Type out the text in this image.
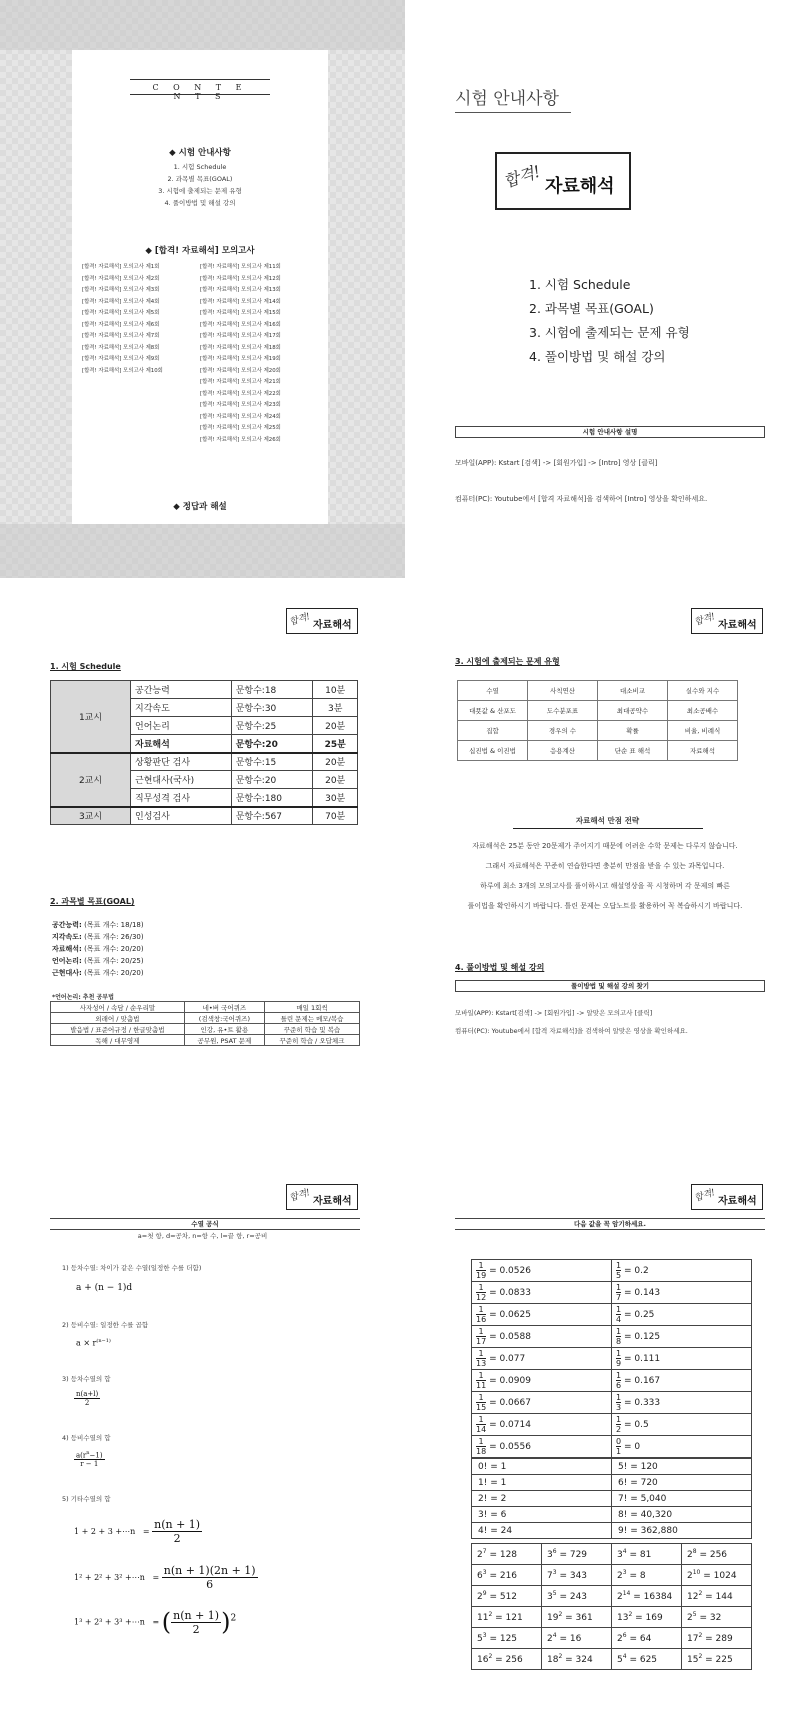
C O N T E N T S
◆ 시험 안내사항
1. 시험 Schedule
2. 과목별 목표(GOAL)
3. 시험에 출제되는 문제 유형
4. 풀이방법 및 해설 강의
◆ [합격! 자료해석] 모의고사
[합격! 자료해석] 모의고사 제1회
[합격! 자료해석] 모의고사 제2회
[합격! 자료해석] 모의고사 제3회
[합격! 자료해석] 모의고사 제4회
[합격! 자료해석] 모의고사 제5회
[합격! 자료해석] 모의고사 제6회
[합격! 자료해석] 모의고사 제7회
[합격! 자료해석] 모의고사 제8회
[합격! 자료해석] 모의고사 제9회
[합격! 자료해석] 모의고사 제10회
[합격! 자료해석] 모의고사 제11회
[합격! 자료해석] 모의고사 제12회
[합격! 자료해석] 모의고사 제13회
[합격! 자료해석] 모의고사 제14회
[합격! 자료해석] 모의고사 제15회
[합격! 자료해석] 모의고사 제16회
[합격! 자료해석] 모의고사 제17회
[합격! 자료해석] 모의고사 제18회
[합격! 자료해석] 모의고사 제19회
[합격! 자료해석] 모의고사 제20회
[합격! 자료해석] 모의고사 제21회
[합격! 자료해석] 모의고사 제22회
[합격! 자료해석] 모의고사 제23회
[합격! 자료해석] 모의고사 제24회
[합격! 자료해석] 모의고사 제25회
[합격! 자료해석] 모의고사 제26회
◆ 정답과 해설
시험 안내사항
합격! 자료해석
1. 시험 Schedule
2. 과목별 목표(GOAL)
3. 시험에 출제되는 문제 유형
4. 풀이방법 및 해설 강의
시험 안내사항 설명
모바일(APP): Kstart [검색] -> [회원가입] -> [Intro] 영상 [클릭]
컴퓨터(PC): Youtube에서 [합격 자료해석]을 검색하여 [Intro] 영상을 확인하세요.
합격! 자료해석
1. 시험 Schedule
1교시	공간능력	문항수:18	10분
	지각속도	문항수:30	3분
	언어논리	문항수:25	20분
	자료해석	문항수:20	25분
2교시	상황판단 검사	문항수:15	20분
	근현대사(국사)	문항수:20	20분
	직무성격 검사	문항수:180	30분
3교시	인성검사	문항수:567	70분
2. 과목별 목표(GOAL)
공간능력: (목표 개수: 18/18)
지각속도: (목표 개수: 26/30)
자료해석: (목표 개수: 20/20)
언어논리: (목표 개수: 20/25)
근현대사: (목표 개수: 20/20)
*언어논리: 추천 공부법
사자성어 / 속담 / 순우리말	네•버 국어퀴즈	매일 1회씩
외래어 / 맞춤법	(검색창:국어퀴즈)	틀린 문제는 메모/복습
발음법 / 표준어규정 / 한글맞춤법	인강, 유•트 활용	꾸준히 학습 및 복습
독해 / 대무영제	공무원, PSAT 문제	꾸준히 학습 / 오답체크
합격! 자료해석
3. 시험에 출제되는 문제 유형
수열	사칙연산	대소비교	실수와 지수
대푯값 & 산포도	도수분포표	최대공약수	최소공배수
집합	경우의 수	확률	비율, 비례식
십진법 & 이진법	응용계산	단순 표 해석	자료해석
자료해석 만점 전략
자료해석은 25분 동안 20문제가 주어지기 때문에 어려운 수학 문제는 다루지 않습니다.
그래서 자료해석은 꾸준히 연습한다면 충분히 만점을 받을 수 있는 과목입니다.
하루에 최소 3개의 모의고사를 풀이하시고 해설영상을 꼭 시청하며 각 문제의 빠른
풀이법을 확인하시기 바랍니다. 틀린 문제는 오답노트를 활용하여 꼭 복습하시기 바랍니다.
4. 풀이방법 및 해설 강의
풀이방법 및 해설 강의 찾기
모바일(APP): Kstart[검색] -> [회원가입] -> 알맞은 모의고사 [클릭]
컴퓨터(PC): Youtube에서 [합격 자료해석]을 검색하여 알맞은 영상을 확인하세요.
합격! 자료해석
수열 공식
a=첫 항, d=공차, n=항 수, l=끝 항, r=공비
1) 등차수열: 차이가 같은 수열(일정한 수를 더함)
a + (n − 1)d
2) 등비수열: 일정한 수를 곱함
$a \times r^{(n-1)}$
3) 등차수열의 합
$\frac{n(a+l)}{2}$
4) 등비수열의 합
$\frac{a(r^n-1)}{r - 1}$
5) 기타수열의 합
1 + 2 + 3 +⋯n   = $\frac{n(n + 1)}{2}$
1² + 2² + 3² +⋯n   = $\frac{n(n + 1)(2n + 1)}{6}$
1³ + 2³ + 3³ +⋯n   = ( $\frac{n(n + 1)}{2} )^2$
합격! 자료해석
다음 값을 꼭 암기하세요.
$\frac{1}{19} = 0.0526$	$\frac{1}{5} = 0.2$

$\frac{1}{12} = 0.0833$	$\frac{1}{7} = 0.143$

$\frac{1}{16} = 0.0625$	$\frac{1}{4} = 0.25$

$\frac{1}{17} = 0.0588$	$\frac{1}{8} = 0.125$

$\frac{1}{13} = 0.077$	$\frac{1}{9} = 0.111$

$\frac{1}{11} = 0.0909$	$\frac{1}{6} = 0.167$

$\frac{1}{15} = 0.0667$	$\frac{1}{3} = 0.333$

$\frac{1}{14} = 0.0714$	$\frac{1}{2} = 0.5$

$\frac{1}{18} = 0.0556$	$\frac{0}{1} = 0$
0! = 1	5! = 120
1! = 1	6! = 720
2! = 2	7! = 5,040
3! = 6	8! = 40,320
4! = 24	9! = 362,880
$2^7 = 128$	$3^6 = 729$	$3^4 = 81$	$2^8 = 256$
$6^3 = 216$	$7^3 = 343$	$2^3 = 8$	$2^{10} = 1024$
$2^9 = 512$	$3^5 = 243$	$2^{14} = 16384$	$12^2 = 144$
$11^2 = 121$	$19^2 = 361$	$13^2 = 169$	$2^5 = 32$
$5^3 = 125$	$2^4 = 16$	$2^6 = 64$	$17^2 = 289$
$16^2 = 256$	$18^2 = 324$	$5^4 = 625$	$15^2 = 225$
